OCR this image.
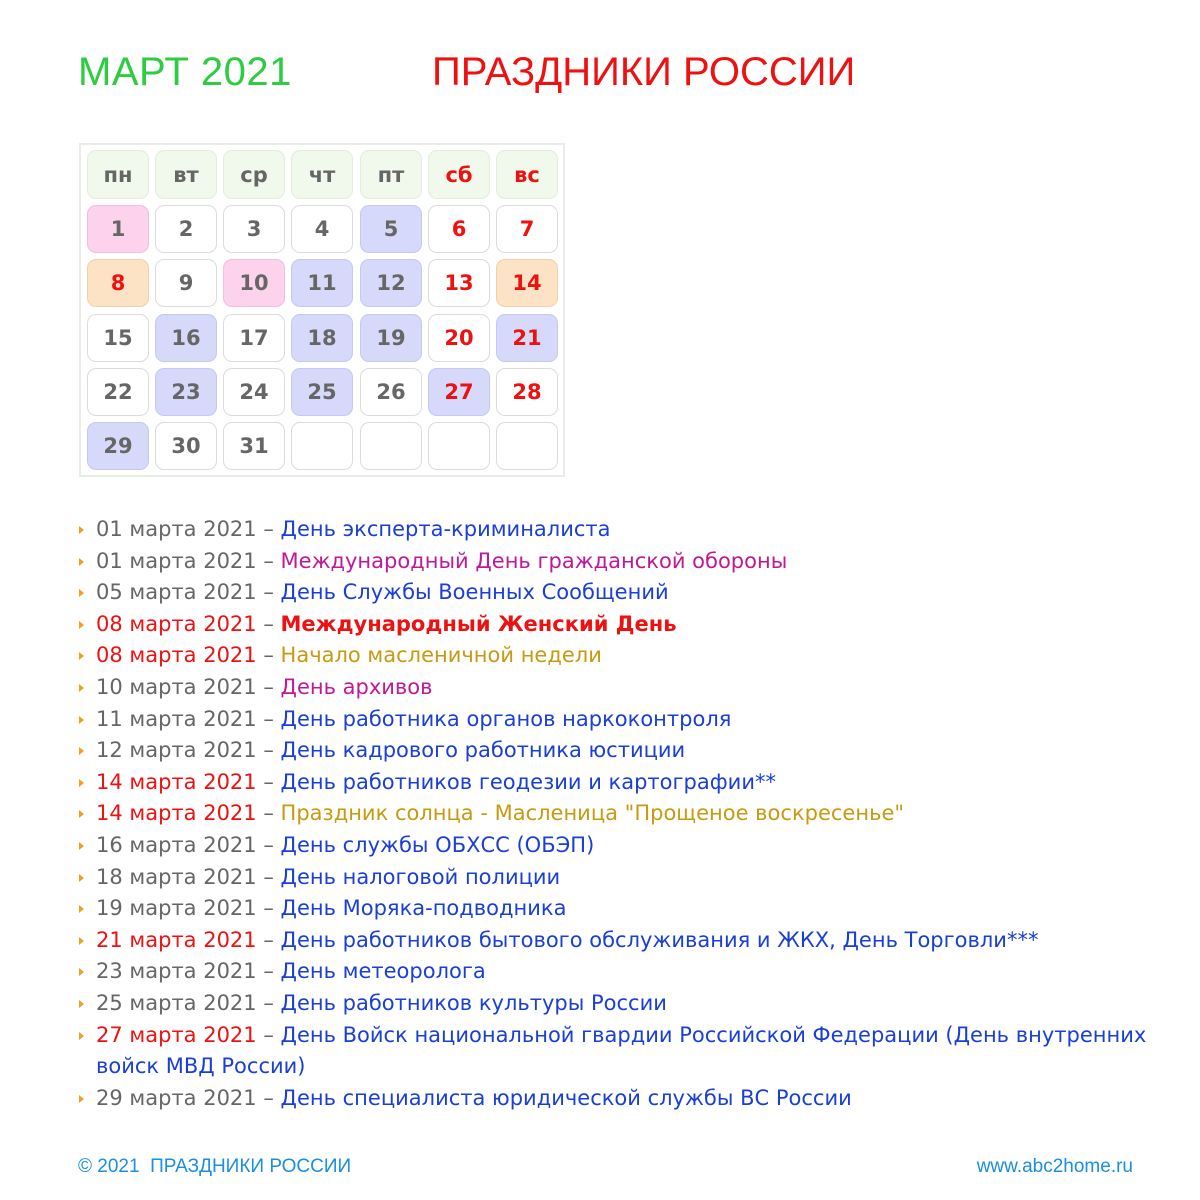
МАРТ 2021	ПРАЗДНИКИ РОССИИ
пн	вт	ср	чт	пт	сб	вс
1	2	3	4	5	6	7
8	9	10	11	12	13	14
15	16	17	18	19	20	21
22	23	24	25	26	27	28
29	30	31
01 марта 2021 – День эксперта-криминалиста
01 марта 2021 – Международный День гражданской обороны
05 марта 2021 – День Службы Военных Сообщений
08 марта 2021 – Международный Женский День
08 марта 2021 – Начало масленичной недели
10 марта 2021 – День архивов
11 марта 2021 – День работника органов наркоконтроля
12 марта 2021 – День кадрового работника юстиции
14 марта 2021 – День работников геодезии и картографии**
14 марта 2021 – Праздник солнца - Масленица "Прощеное воскресенье"
16 марта 2021 – День службы ОБХСС (ОБЭП)
18 марта 2021 – День налоговой полиции
19 марта 2021 – День Моряка-подводника
21 марта 2021 – День работников бытового обслуживания и ЖКХ, День Торговли***
23 марта 2021 – День метеоролога
25 марта 2021 – День работников культуры России
27 марта 2021 – День Войск национальной гвардии Российской Федерации (День внутренних войск МВД России)
29 марта 2021 – День специалиста юридической службы ВС России
© 2021  ПРАЗДНИКИ РОССИИ	www.abc2home.ru
